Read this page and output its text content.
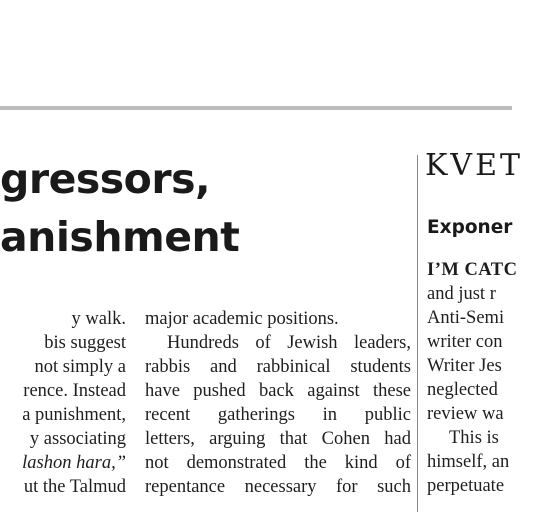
gressors,
anishment
y walk.
bis suggest
not simply a
rence. Instead
a punishment,
y associating
lashon hara,”
ut the Talmud
major academic positions.
Hundreds of Jewish leaders,
rabbis and rabbinical students
have pushed back against these
recent gatherings in public
letters, arguing that Cohen had
not demonstrated the kind of
repentance necessary for such
KVET
Exponer
I’M CATC
and just r
Anti-Semi
writer con
Writer Jes
neglected
review wa
This is
himself, an
perpetuate
